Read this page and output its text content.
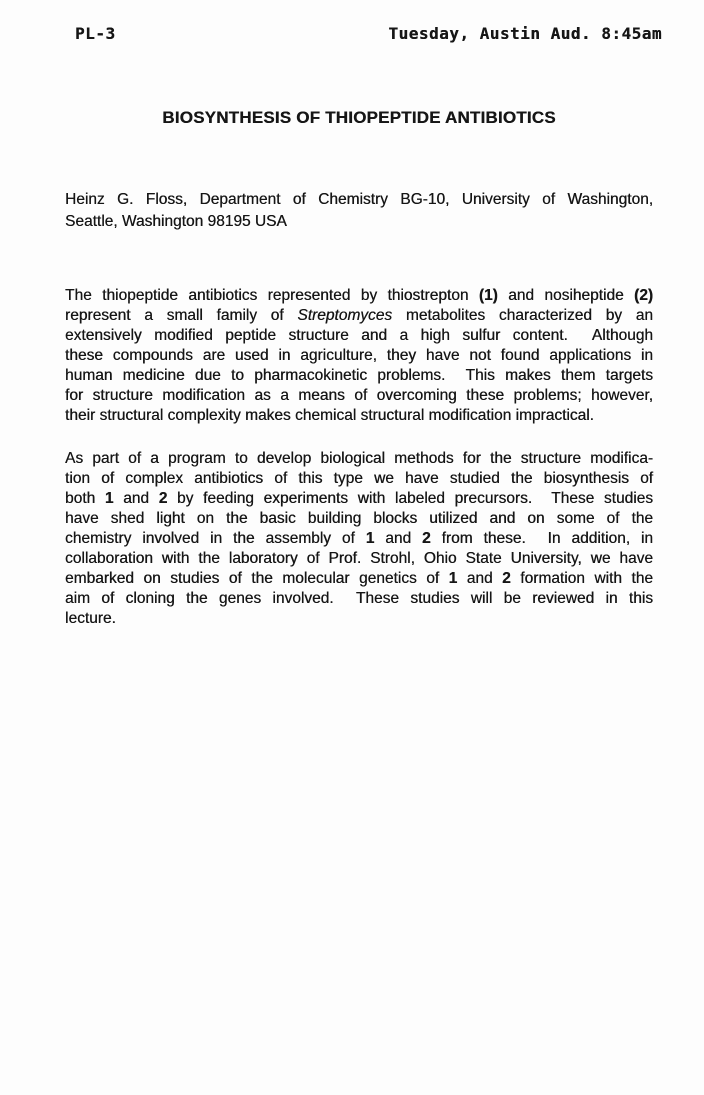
PL-3	Tuesday, Austin Aud. 8:45am
BIOSYNTHESIS OF THIOPEPTIDE ANTIBIOTICS
Heinz G. Floss, Department of Chemistry BG-10, University of Washington,
Seattle, Washington 98195 USA
The thiopeptide antibiotics represented by thiostrepton (1) and nosiheptide (2)
represent a small family of Streptomyces metabolites characterized by an
extensively modified peptide structure and a high sulfur content.  Although
these compounds are used in agriculture, they have not found applications in
human medicine due to pharmacokinetic problems.  This makes them targets
for structure modification as a means of overcoming these problems; however,
their structural complexity makes chemical structural modification impractical.
As part of a program to develop biological methods for the structure modifica-
tion of complex antibiotics of this type we have studied the biosynthesis of
both 1 and 2 by feeding experiments with labeled precursors.  These studies
have shed light on the basic building blocks utilized and on some of the
chemistry involved in the assembly of 1 and 2 from these.  In addition, in
collaboration with the laboratory of Prof. Strohl, Ohio State University, we have
embarked on studies of the molecular genetics of 1 and 2 formation with the
aim of cloning the genes involved.  These studies will be reviewed in this
lecture.
